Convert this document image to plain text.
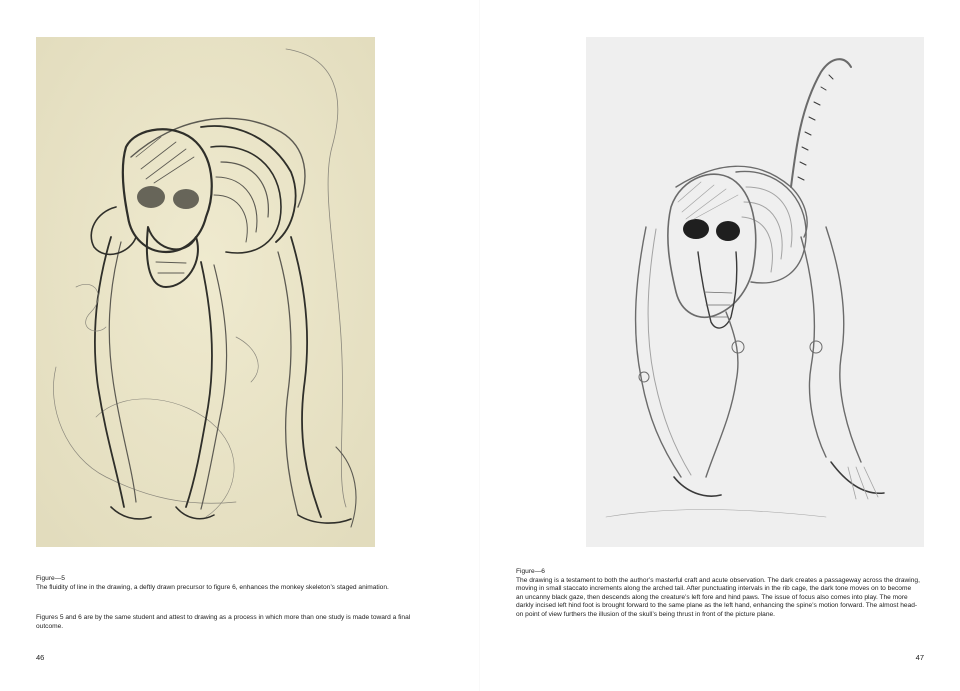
Figure—5

The fluidity of line in the drawing, a deftly drawn precursor to figure 6, enhances the monkey skeleton’s staged animation.

Figures 5 and 6 are by the same student and attest to drawing as a process in which more than one study is made toward a final outcome.

46

Figure—6

The drawing is a testament to both the author’s masterful craft and acute observation. The dark creates a passageway across the drawing, moving in small staccato increments along the arched tail. After punctuating intervals in the rib cage, the dark tone moves on to become an uncanny black gaze, then descends along the creature’s left fore and hind paws. The issue of focus also comes into play. The more darkly incised left hind foot is brought forward to the same plane as the left hand, enhancing the spine’s motion forward. The almost head-on point of view furthers the illusion of the skull’s being thrust in front of the picture plane.

47
